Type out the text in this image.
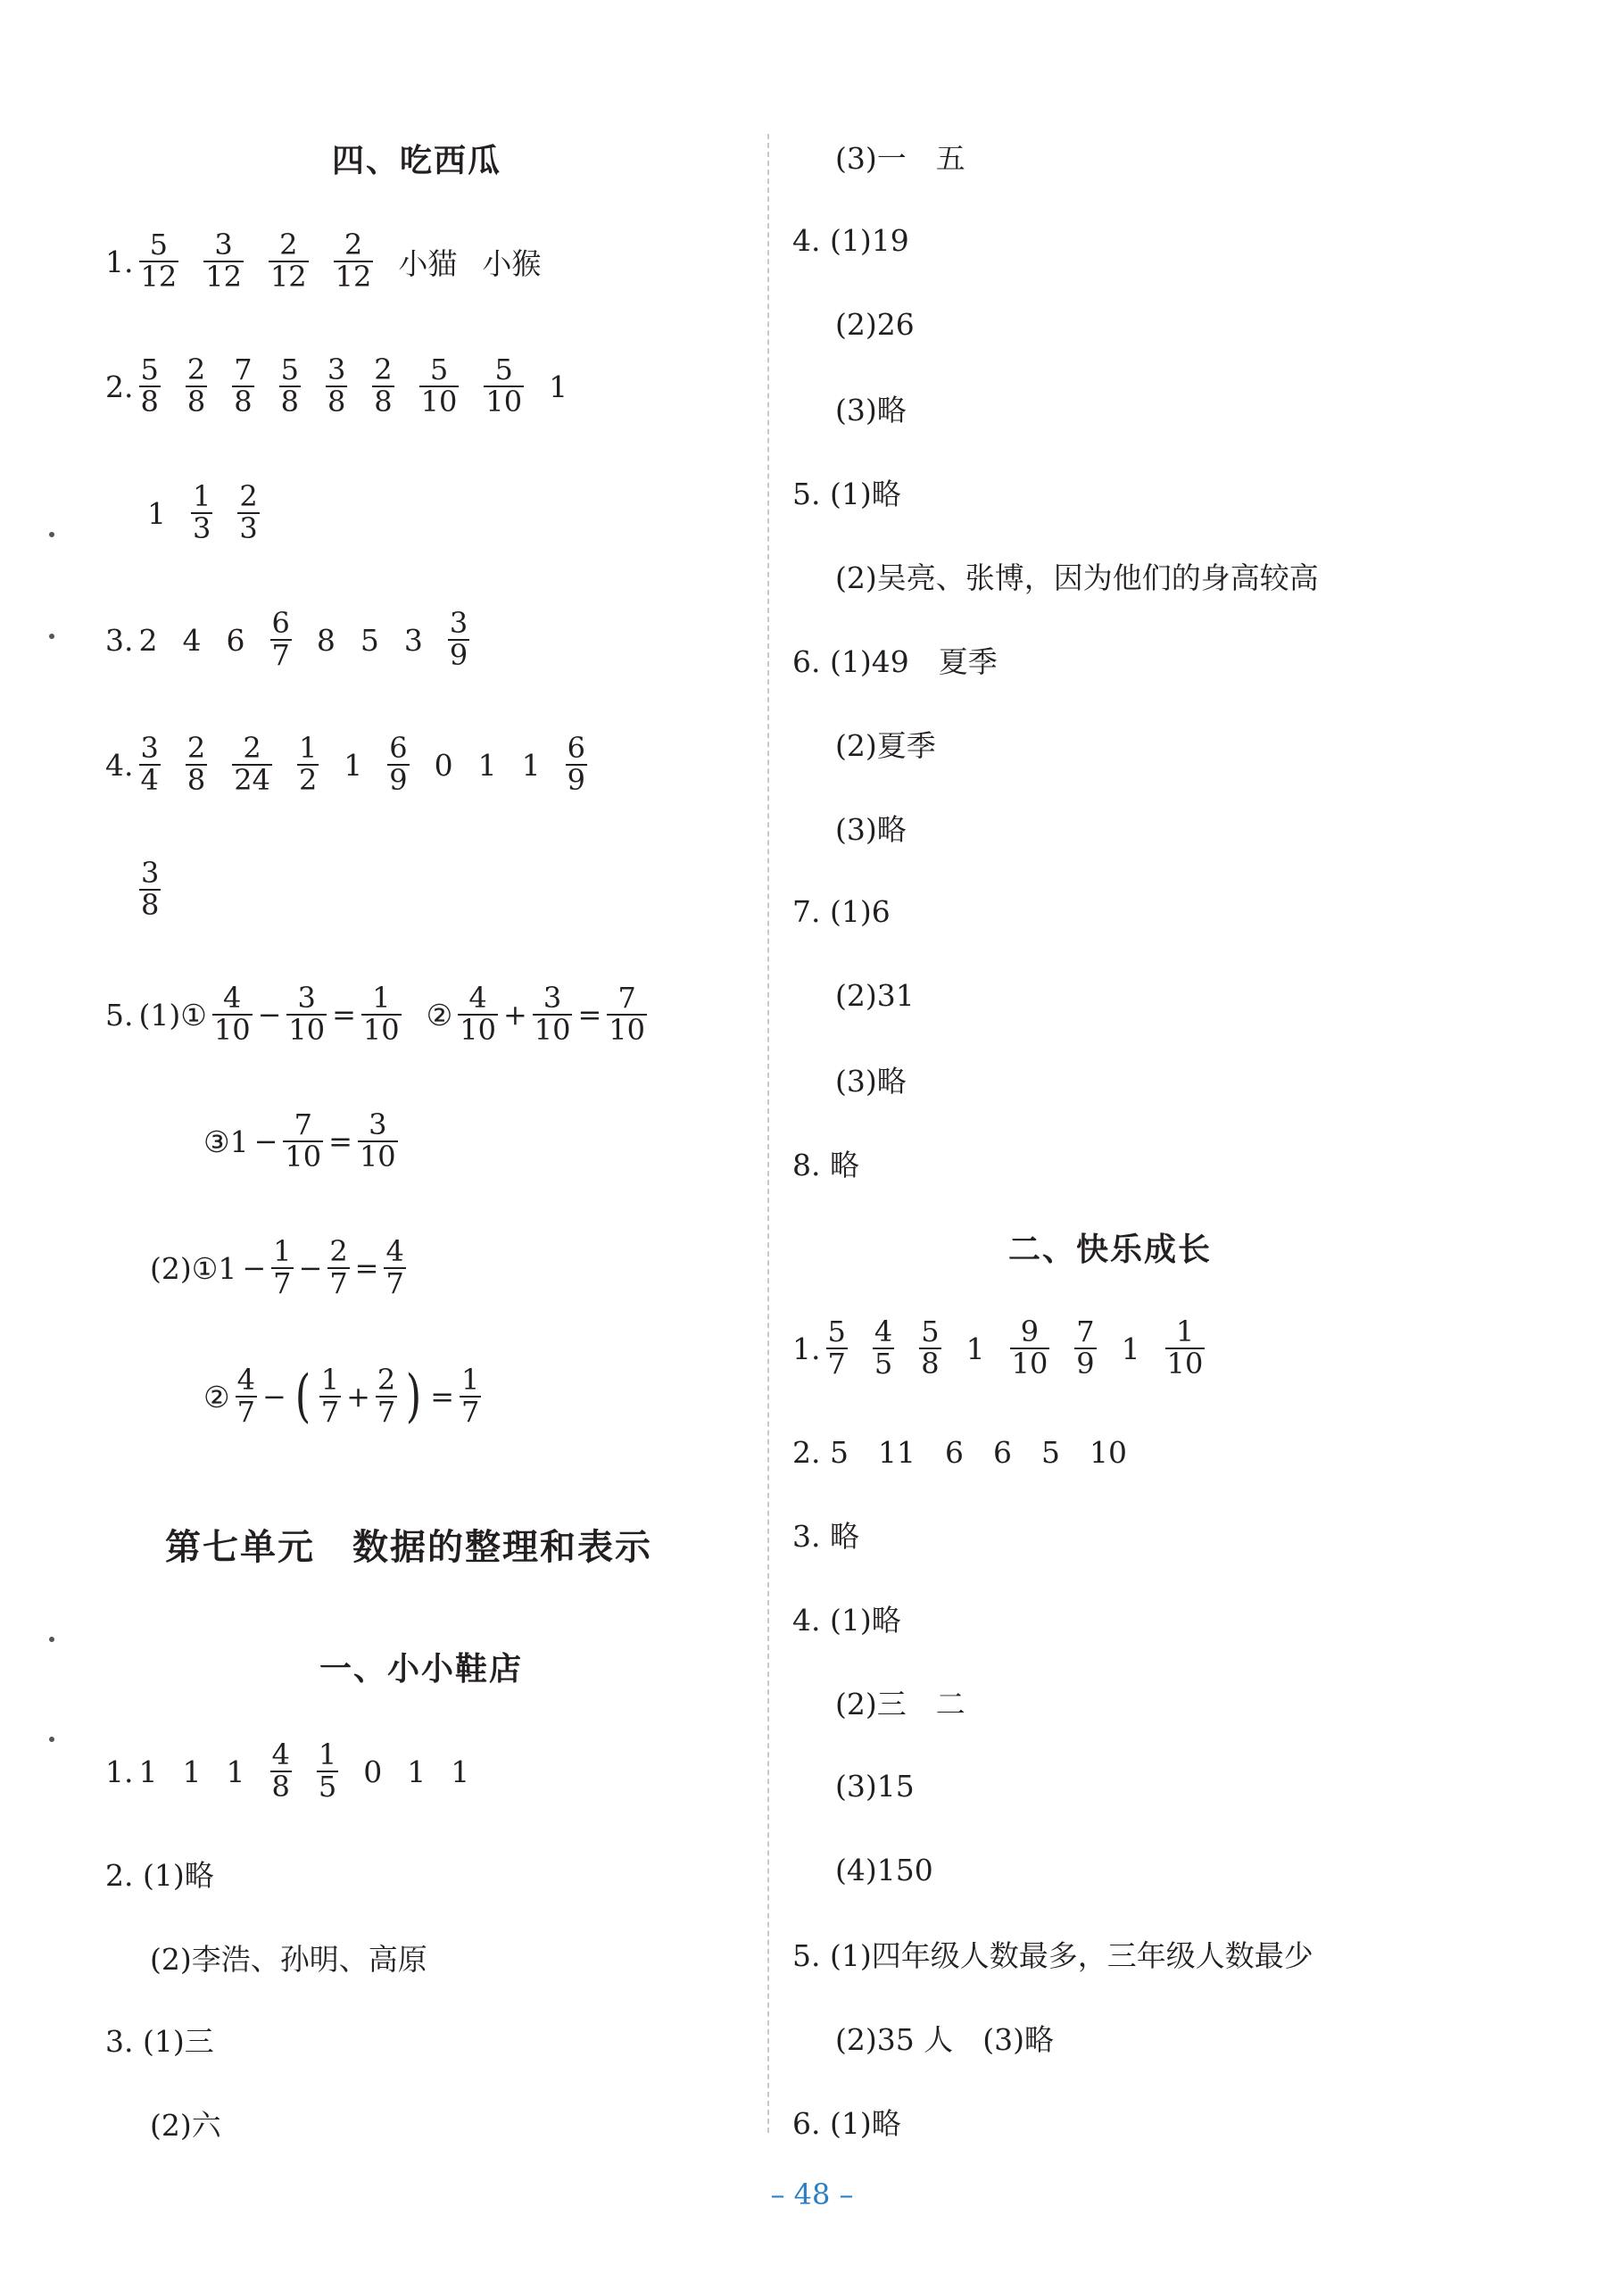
四、吃西瓜
1. $\frac{5}{12} \frac{3}{12} \frac{2}{12} \frac{2}{12}$ 小猫 小猴
2. $\frac{5}{8} \frac{2}{8} \frac{7}{8} \frac{5}{8} \frac{3}{8} \frac{2}{8} \frac{5}{10} \frac{5}{10} 1$
$1 \frac{1}{3} \frac{2}{3}$
3. 2 4 $6 \frac{6}{7} 8$ 5 $3 \frac{3}{9}$
4. $\frac{3}{4} \frac{2}{8} \frac{2}{24} \frac{1}{2} 1 \frac{6}{9} 0$ 1 $1 \frac{6}{9}$
$\frac{3}{8}$
5. (1)① $\frac{4}{10} - \frac{3}{10} = \frac{1}{10}$ ② $\frac{4}{10} + \frac{3}{10} = \frac{7}{10}$
③1 − $\frac{7}{10} = \frac{3}{10}$
(2)①1 − $\frac{1}{7} - \frac{2}{7} = \frac{4}{7}$
② $\frac{4}{7}$ − ( $\frac{1}{7} + \frac{2}{7}$ ) = $\frac{1}{7}$
第七单元　数据的整理和表示
一、小小鞋店
1. 1 1 $1 \frac{4}{8} \frac{1}{5} 0$ 1 1
2. (1)略
(2)李浩、孙明、高原
3. (1)三
(2)六
(3)一　五
4. (1)19
(2)26
(3)略
5. (1)略
(2)吴亮、张博，因为他们的身高较高
6. (1)49　夏季
(2)夏季
(3)略
7. (1)6
(2)31
(3)略
8. 略
二、快乐成长
1. $\frac{5}{7} \frac{4}{5} \frac{5}{8} 1 \frac{9}{10} \frac{7}{9} 1 \frac{1}{10}$
2. 5　11　6　6　5　10
3. 略
4. (1)略
(2)三　二
(3)15
(4)150
5. (1)四年级人数最多，三年级人数最少
(2)35 人　(3)略
6. (1)略
– 48 –
